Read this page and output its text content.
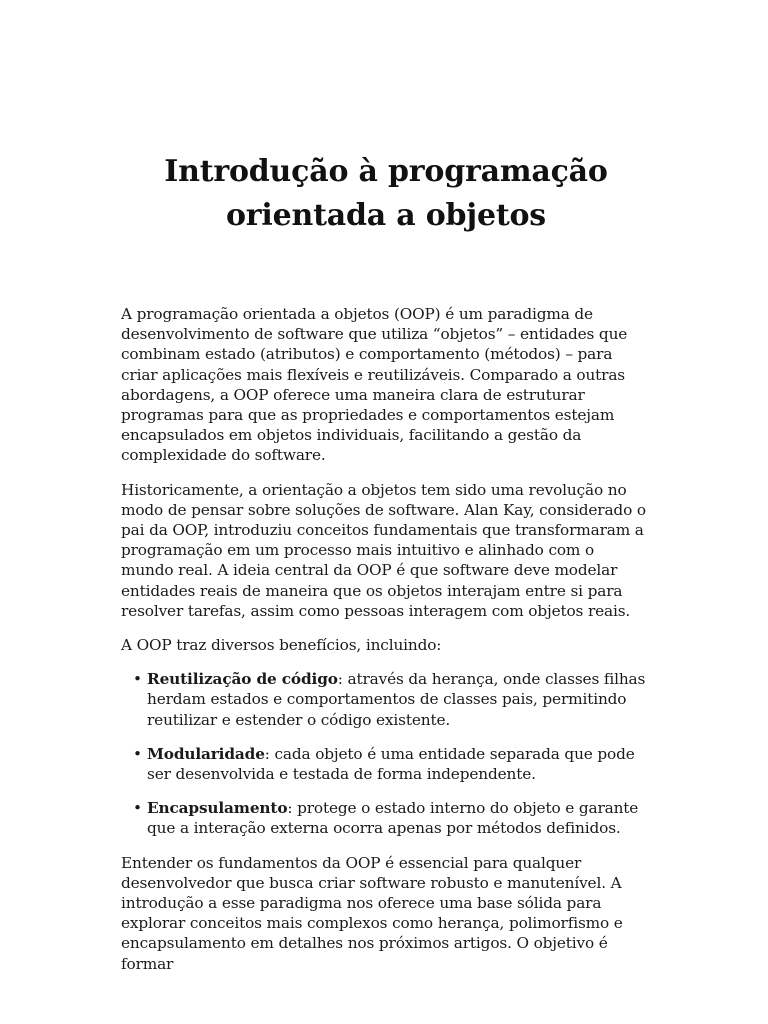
Introdução à programação
orientada a objetos

A programação orientada a objetos (OOP) é um paradigma de desenvolvimento de software que utiliza “objetos” – entidades que combinam estado (atributos) e comportamento (métodos) – para criar aplicações mais flexíveis e reutilizáveis. Comparado a outras abordagens, a OOP oferece uma maneira clara de estruturar programas para que as propriedades e comportamentos estejam encapsulados em objetos individuais, facilitando a gestão da complexidade do software.

Historicamente, a orientação a objetos tem sido uma revolução no modo de pensar sobre soluções de software. Alan Kay, considerado o pai da OOP, introduziu conceitos fundamentais que transformaram a programação em um processo mais intuitivo e alinhado com o mundo real. A ideia central da OOP é que software deve modelar entidades reais de maneira que os objetos interajam entre si para resolver tarefas, assim como pessoas interagem com objetos reais.

A OOP traz diversos benefícios, incluindo:

• Reutilização de código: através da herança, onde classes filhas herdam estados e comportamentos de classes pais, permitindo reutilizar e estender o código existente.
• Modularidade: cada objeto é uma entidade separada que pode ser desenvolvida e testada de forma independente.
• Encapsulamento: protege o estado interno do objeto e garante que a interação externa ocorra apenas por métodos definidos.

Entender os fundamentos da OOP é essencial para qualquer desenvolvedor que busca criar software robusto e manutenível. A introdução a esse paradigma nos oferece uma base sólida para explorar conceitos mais complexos como herança, polimorfismo e encapsulamento em detalhes nos próximos artigos. O objetivo é formar
